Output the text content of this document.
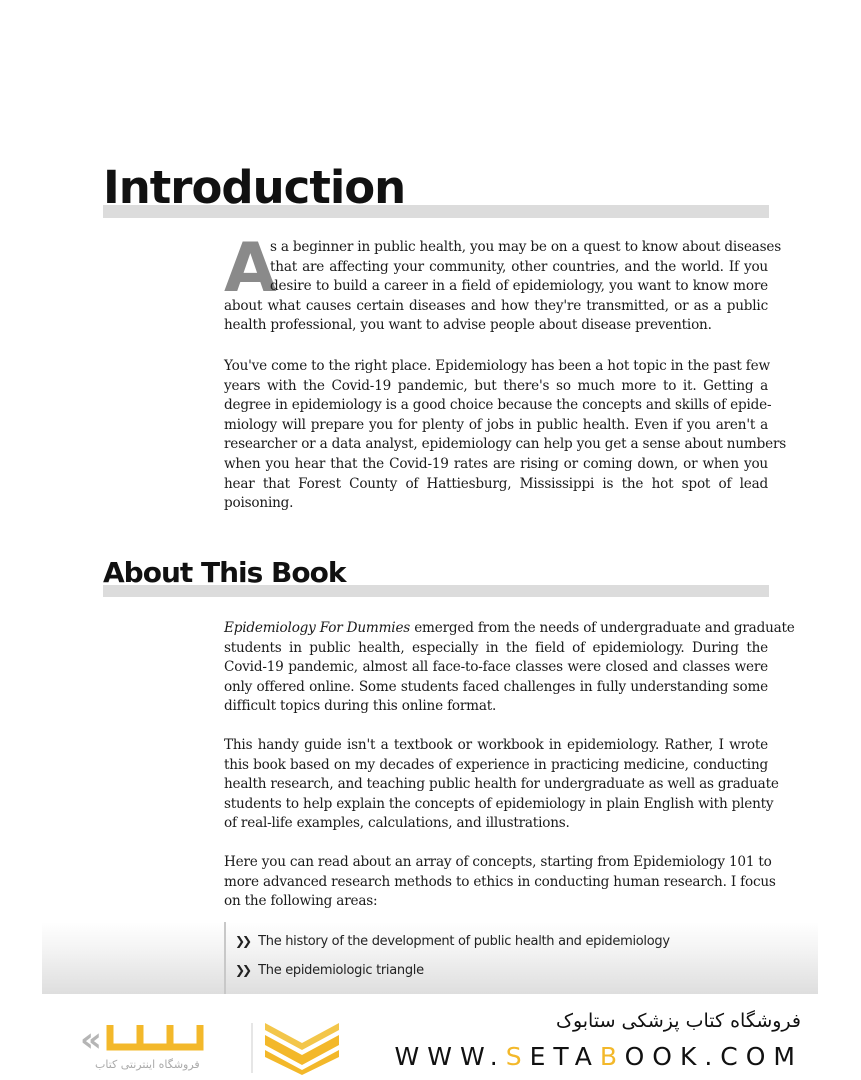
Introduction
A
s a beginner in public health, you may be on a quest to know about diseases
that are affecting your community, other countries, and the world. If you
desire to build a career in a field of epidemiology, you want to know more
about what causes certain diseases and how they're transmitted, or as a public
health professional, you want to advise people about disease prevention.
You've come to the right place. Epidemiology has been a hot topic in the past few
years with the Covid-19 pandemic, but there's so much more to it. Getting a
degree in epidemiology is a good choice because the concepts and skills of epide-
miology will prepare you for plenty of jobs in public health. Even if you aren't a
researcher or a data analyst, epidemiology can help you get a sense about numbers
when you hear that the Covid-19 rates are rising or coming down, or when you
hear that Forest County of Hattiesburg, Mississippi is the hot spot of lead
poisoning.
About This Book
Epidemiology For Dummies emerged from the needs of undergraduate and graduate
students in public health, especially in the field of epidemiology. During the
Covid-19 pandemic, almost all face-to-face classes were closed and classes were
only offered online. Some students faced challenges in fully understanding some
difficult topics during this online format.
This handy guide isn't a textbook or workbook in epidemiology. Rather, I wrote
this book based on my decades of experience in practicing medicine, conducting
health research, and teaching public health for undergraduate as well as graduate
students to help explain the concepts of epidemiology in plain English with plenty
of real-life examples, calculations, and illustrations.
Here you can read about an array of concepts, starting from Epidemiology 101 to
more advanced research methods to ethics in conducting human research. I focus
on the following areas:
❯❯ The history of the development of public health and epidemiology
❯❯ The epidemiologic triangle
«
فروشگاه اینترنتی کتاب
فروشگاه کتاب پزشکی ستابوک
WWW.SETABOOK.COM
